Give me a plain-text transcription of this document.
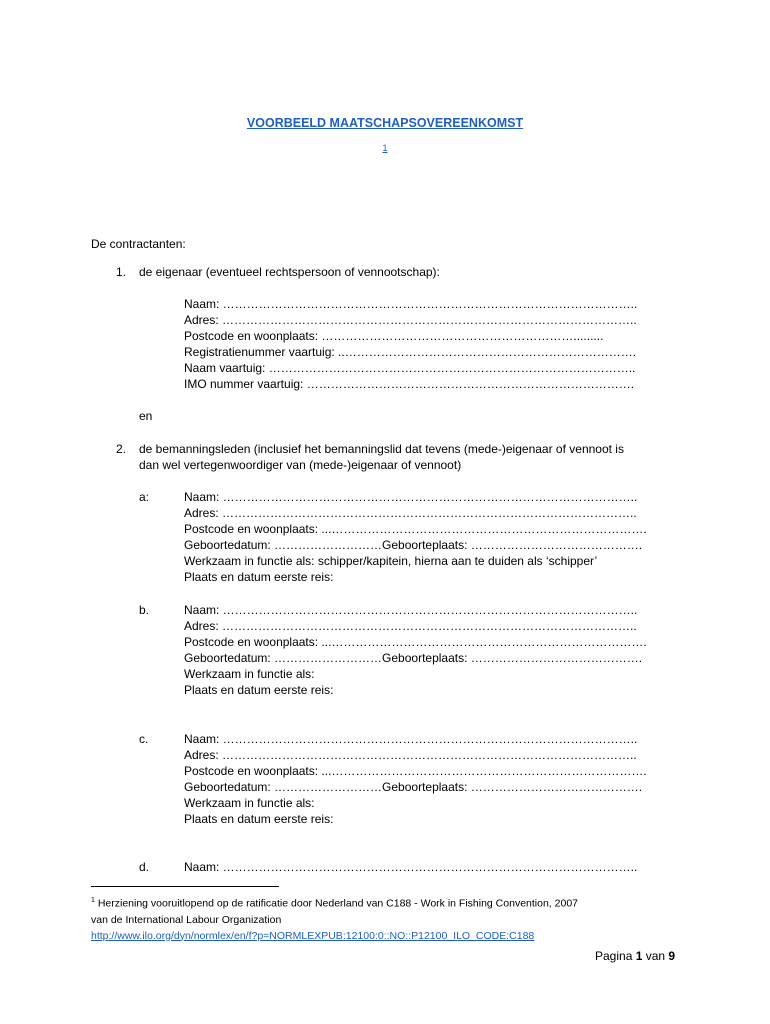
VOORBEELD MAATSCHAPSOVEREENKOMST
1
De contractanten:
1. de eigenaar (eventueel rechtspersoon of vennootschap):
Naam: …………………………………………………………………………………………..
Adres: …………………………………………………………………………………………..
Postcode en woonplaats: ……………………………………………………….........
Registratienummer vaartuig: ..……………………………………………………………….
Naam vaartuig: ………………………………………………………………………………..
IMO nummer vaartuig: ……………………………………………………………………….
en
2. de bemanningsleden (inclusief het bemanningslid dat tevens (mede-)eigenaar of vennoot is
dan wel vertegenwoordiger van (mede-)eigenaar of vennoot)
a:	Naam: …………………………………………………………………………………………..
Adres: …………………………………………………………………………………………..
Postcode en woonplaats: ...…………………………………………………………………….
Geboortedatum: ………………………Geboorteplaats: …………………………………….
Werkzaam in functie als: schipper/kapitein, hierna aan te duiden als ‘schipper’
Plaats en datum eerste reis:
b.	Naam: …………………………………………………………………………………………..
Adres: …………………………………………………………………………………………..
Postcode en woonplaats: ...…………………………………………………………………….
Geboortedatum: ………………………Geboorteplaats: …………………………………….
Werkzaam in functie als:
Plaats en datum eerste reis:
c.	Naam: …………………………………………………………………………………………..
Adres: …………………………………………………………………………………………..
Postcode en woonplaats: ...…………………………………………………………………….
Geboortedatum: ………………………Geboorteplaats: …………………………………….
Werkzaam in functie als:
Plaats en datum eerste reis:
d.	Naam: …………………………………………………………………………………………..
$^1$ Herziening vooruitlopend op de ratificatie door Nederland van C188 - Work in Fishing Convention, 2007
van de International Labour Organization
http://www.ilo.org/dyn/normlex/en/f?p=NORMLEXPUB:12100:0::NO::P12100_ILO_CODE:C188
Pagina 1 van 9
